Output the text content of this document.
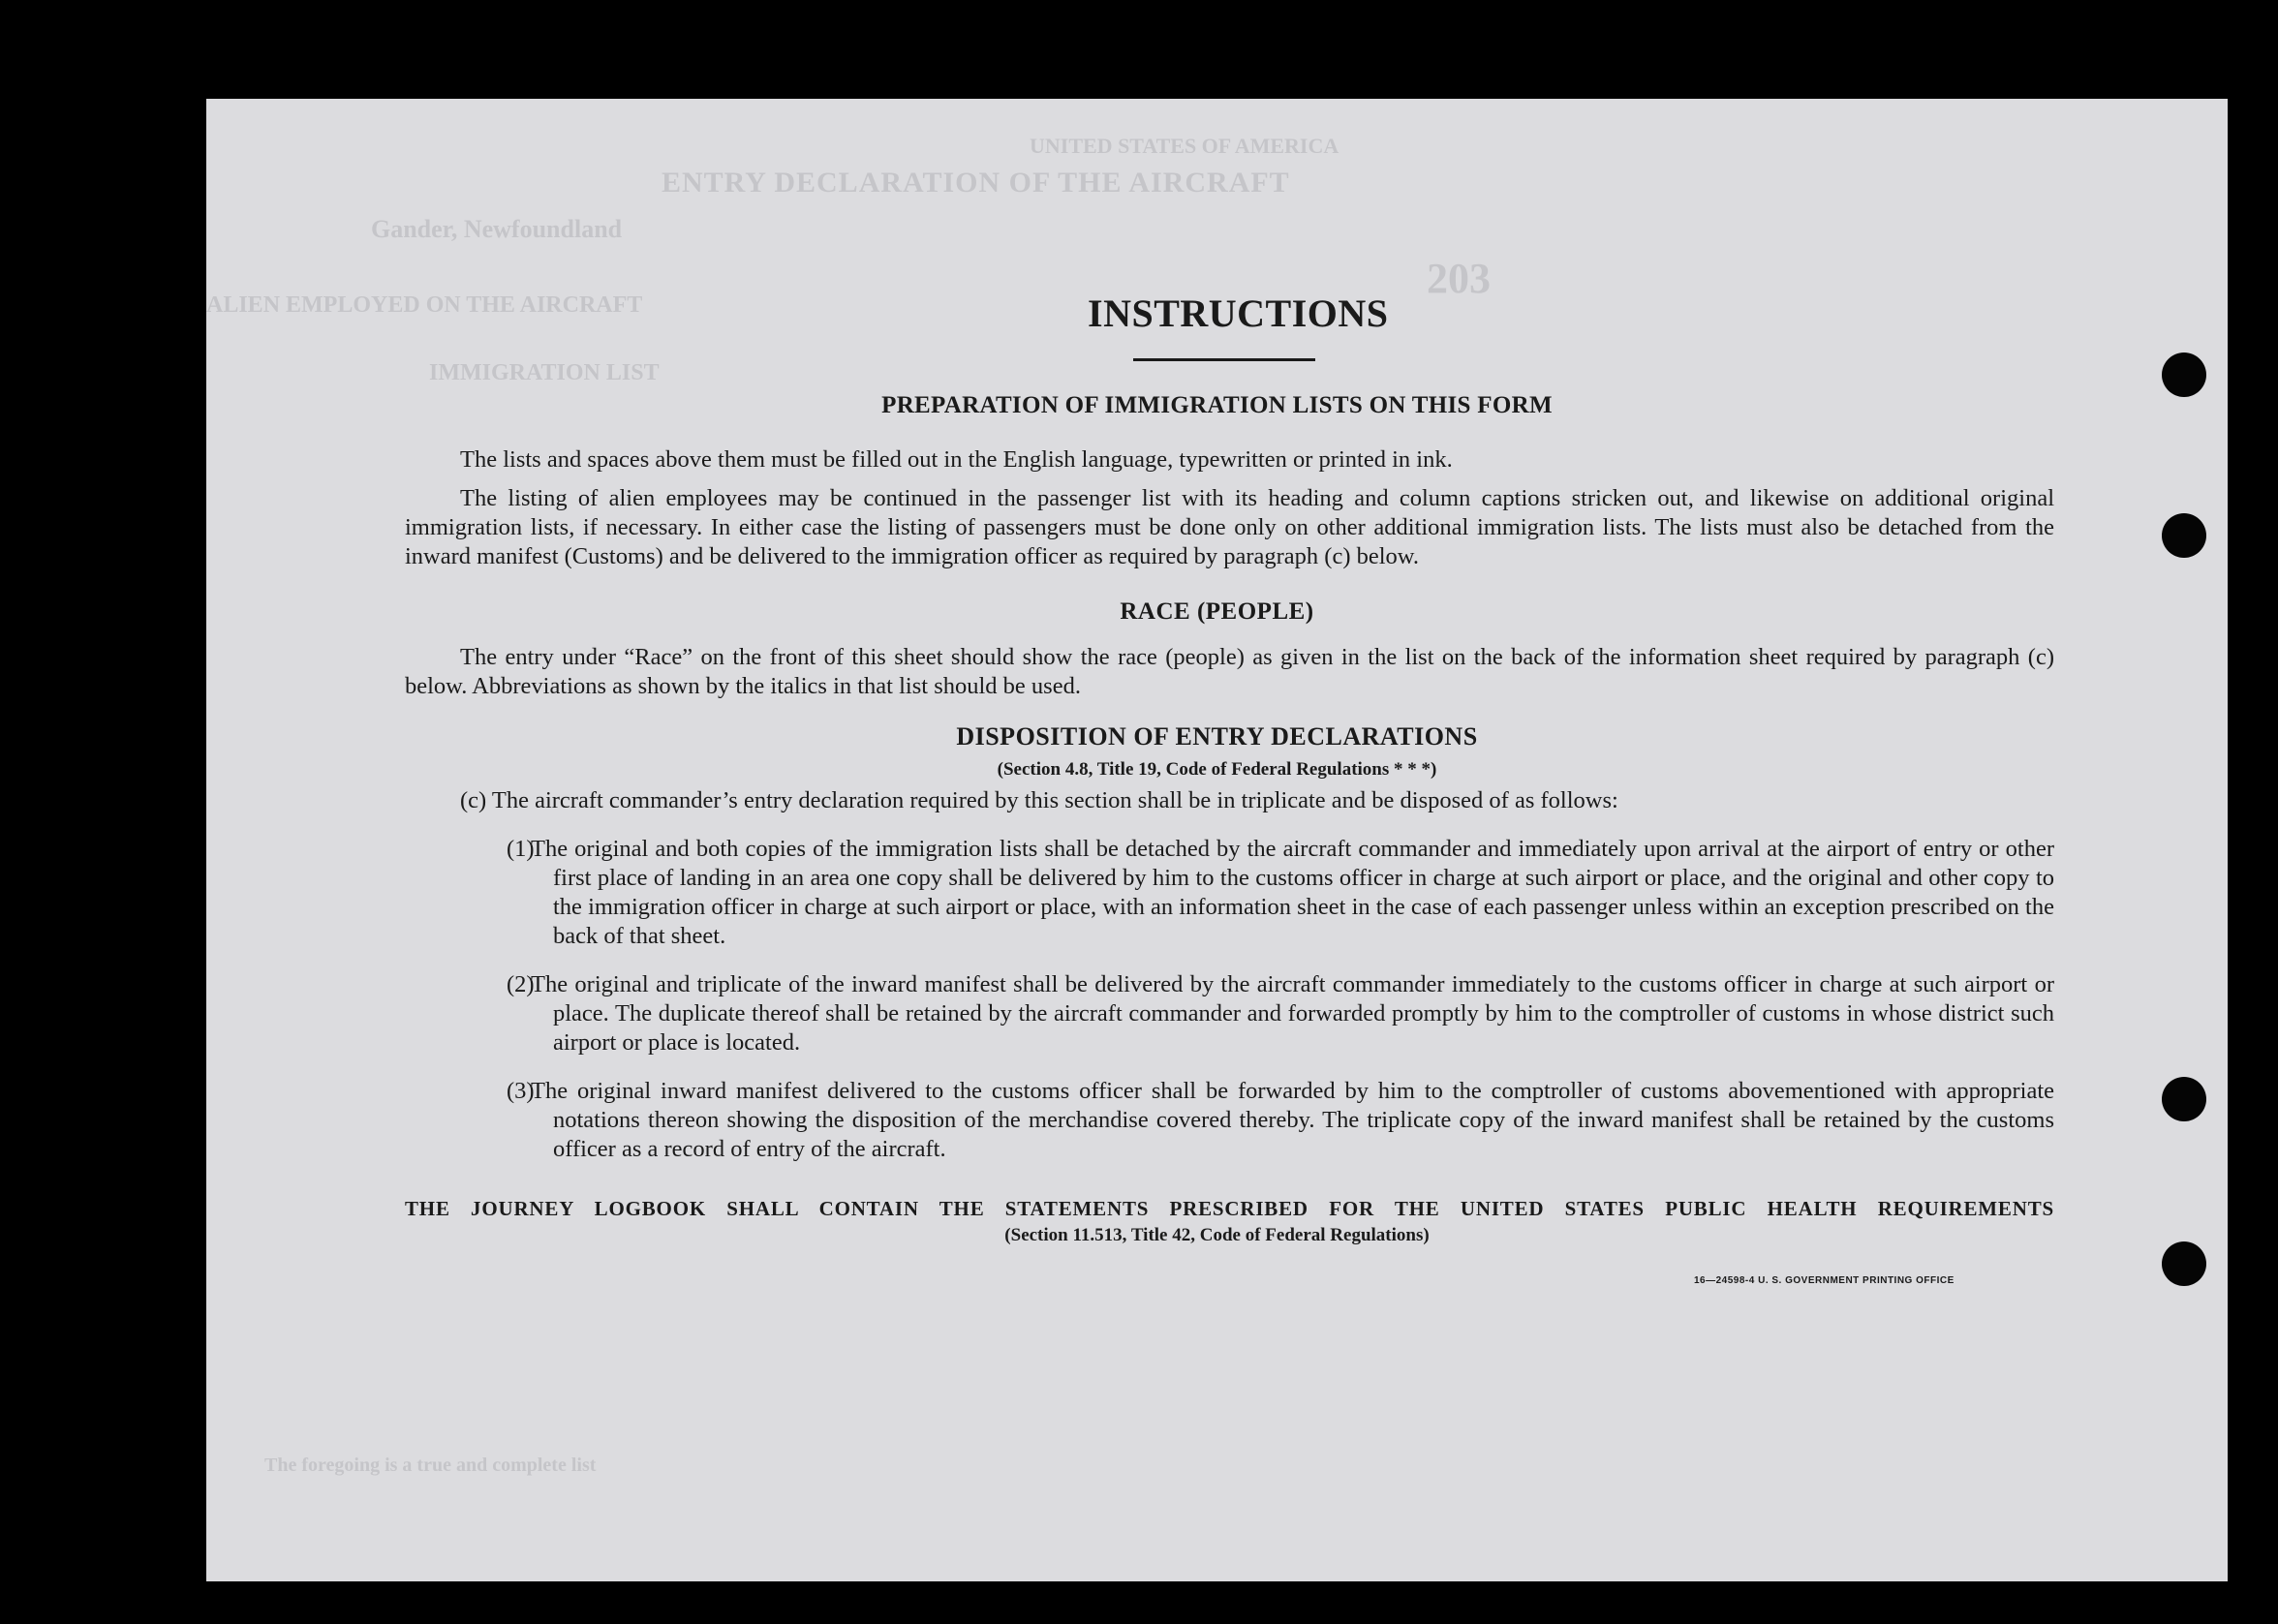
UNITED STATES OF AMERICA
ENTRY DECLARATION OF THE AIRCRAFT
Gander, Newfoundland
IMMIGRATION LIST
ALIEN EMPLOYED ON THE AIRCRAFT
203
The foregoing is a true and complete list
INSTRUCTIONS
PREPARATION OF IMMIGRATION LISTS ON THIS FORM
The lists and spaces above them must be filled out in the English language, typewritten or printed in ink.
The listing of alien employees may be continued in the passenger list with its heading and column captions stricken out, and likewise on additional original immigration lists, if necessary. In either case the listing of passengers must be done only on other additional immigration lists. The lists must also be detached from the inward manifest (Customs) and be delivered to the immigration officer as required by paragraph (c) below.
RACE (PEOPLE)
The entry under “Race” on the front of this sheet should show the race (people) as given in the list on the back of the information sheet required by paragraph (c) below. Abbreviations as shown by the italics in that list should be used.
DISPOSITION OF ENTRY DECLARATIONS
(Section 4.8, Title 19, Code of Federal Regulations * * *)
(c) The aircraft commander’s entry declaration required by this section shall be in triplicate and be disposed of as follows:
(1)
The original and both copies of the immigration lists shall be detached by the aircraft commander and immediately upon arrival at the airport of entry or other first place of landing in an area one copy shall be delivered by him to the customs officer in charge at such airport or place, and the original and other copy to the immigration officer in charge at such airport or place, with an information sheet in the case of each passenger unless within an exception prescribed on the back of that sheet.
(2)
The original and triplicate of the inward manifest shall be delivered by the aircraft commander immediately to the customs officer in charge at such airport or place. The duplicate thereof shall be retained by the aircraft commander and forwarded promptly by him to the comptroller of customs in whose district such airport or place is located.
(3)
The original inward manifest delivered to the customs officer shall be forwarded by him to the comptroller of customs abovementioned with appropriate notations thereon showing the disposition of the merchandise covered thereby. The triplicate copy of the inward manifest shall be retained by the customs officer as a record of entry of the aircraft.
THE JOURNEY LOGBOOK SHALL CONTAIN THE STATEMENTS PRESCRIBED FOR THE UNITED STATES PUBLIC HEALTH REQUIREMENTS
(Section 11.513, Title 42, Code of Federal Regulations)
16—24598-4 U. S. GOVERNMENT PRINTING OFFICE
